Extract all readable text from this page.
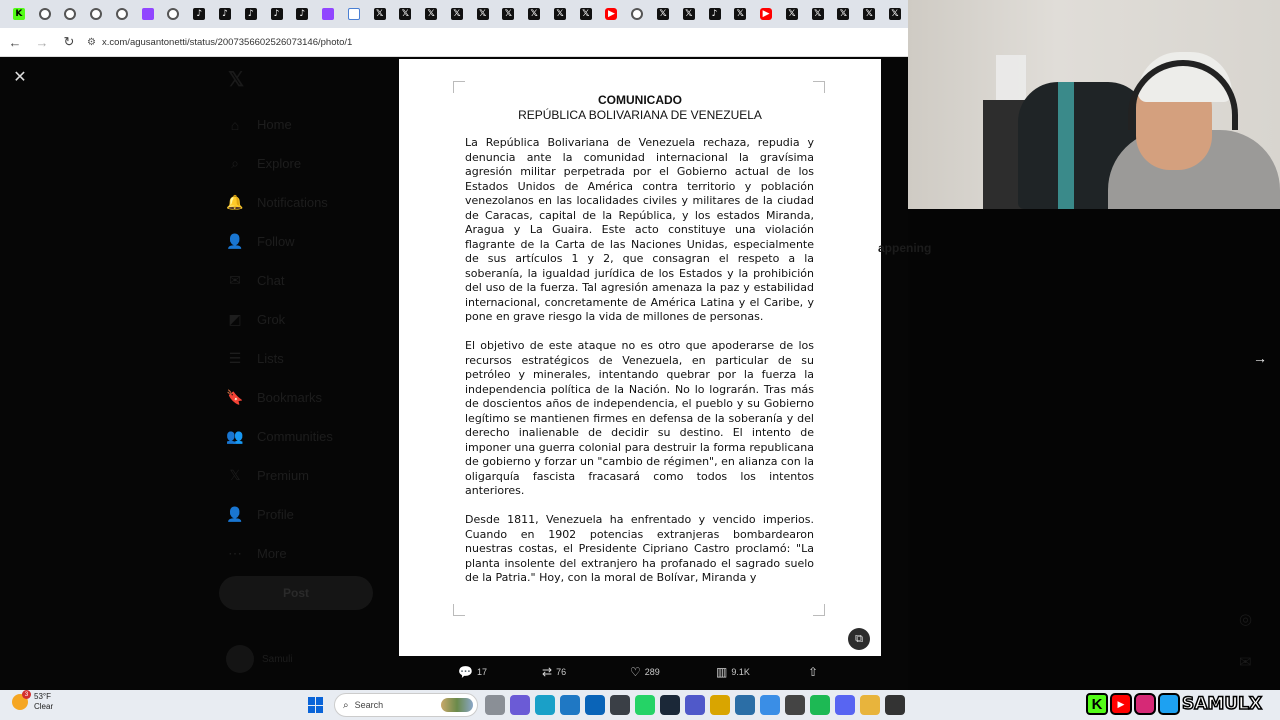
K	♪	♪	♪	♪	♪	𝕏 𝕏 𝕏 𝕏 𝕏 𝕏 𝕏 𝕏 𝕏 ▶	𝕏 𝕏	♪	𝕏 ▶ 𝕏 𝕏 𝕏 𝕏 𝕏
←	→	↻	⚙ x.com/agusantonetti/status/2007356602526073146/photo/1
✕	𝕏
⌂	Home
⌕	Explore
🔔 Notifications
👤 Follow
✉	Chat
◩ Grok
☰ Lists
🔖 Bookmarks
👥 Communities
𝕏	Premium
👤 Profile
⋯ More
Post
Samuli
COMUNICADO
REPÚBLICA BOLIVARIANA DE VENEZUELA

La República Bolivariana de Venezuela rechaza, repudia y denuncia ante la comunidad internacional la gravísima agresión militar perpetrada por el Gobierno actual de los Estados Unidos de América contra territorio y población venezolanos en las localidades civiles y militares de la ciudad de Caracas, capital de la República, y los estados Miranda, Aragua y La Guaira. Este acto constituye una violación flagrante de la Carta de las Naciones Unidas, especialmente de sus artículos 1 y 2, que consagran el respeto a la soberanía, la igualdad jurídica de los Estados y la prohibición del uso de la fuerza. Tal agresión amenaza la paz y estabilidad internacional, concretamente de América Latina y el Caribe, y pone en grave riesgo la vida de millones de personas.

El objetivo de este ataque no es otro que apoderarse de los recursos estratégicos de Venezuela, en particular de su petróleo y minerales, intentando quebrar por la fuerza la independencia política de la Nación. No lo lograrán. Tras más de doscientos años de independencia, el pueblo y su Gobierno legítimo se mantienen firmes en defensa de la soberanía y del derecho inalienable de decidir su destino. El intento de imponer una guerra colonial para destruir la forma republicana de gobierno y forzar un "cambio de régimen", en alianza con la oligarquía fascista fracasará como todos los intentos anteriores.

Desde 1811, Venezuela ha enfrentado y vencido imperios. Cuando en 1902 potencias extranjeras bombardearon nuestras costas, el Presidente Cipriano Castro proclamó: "La planta insolente del extranjero ha profanado el sagrado suelo de la Patria." Hoy, con la moral de Bolívar, Miranda y

⧉
appening
→
◎
✉
💬 17	⇄ 76	♡ 289	▥ 9.1K	⇧
3 53°F
Clear	⌕ Search	K	▶	SAMULX
